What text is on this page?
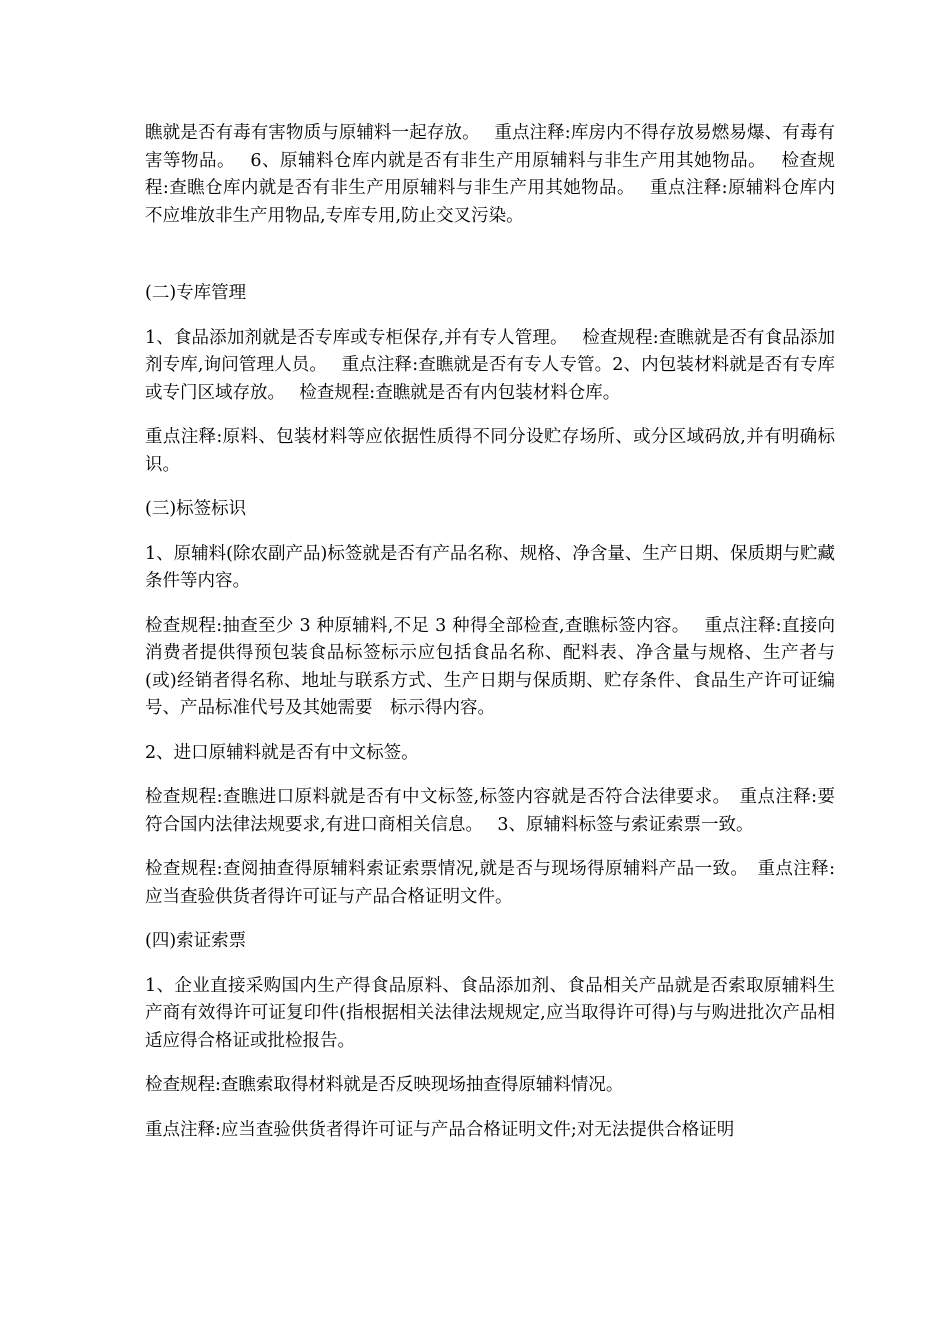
瞧就是否有毒有害物质与原辅料一起存放。　 重点注释:库房内不得存放易燃易爆、有毒有害等物品。　 6、原辅料仓库内就是否有非生产用原辅料与非生产用其她物品。　 检查规程:查瞧仓库内就是否有非生产用原辅料与非生产用其她物品。　 重点注释:原辅料仓库内不应堆放非生产用物品,专库专用,防止交叉污染。

(二)专库管理

1、食品添加剂就是否专库或专柜保存,并有专人管理。　 检查规程:查瞧就是否有食品添加剂专库,询问管理人员。　 重点注释:查瞧就是否有专人专管。2、内包装材料就是否有专库或专门区域存放。　 检查规程:查瞧就是否有内包装材料仓库。

重点注释:原料、包装材料等应依据性质得不同分设贮存场所、或分区域码放,并有明确标识。

(三)标签标识

1、原辅料(除农副产品)标签就是否有产品名称、规格、净含量、生产日期、保质期与贮藏条件等内容。

检查规程:抽查至少 3 种原辅料,不足 3 种得全部检查,查瞧标签内容。　 重点注释:直接向消费者提供得预包装食品标签标示应包括食品名称、配料表、净含量与规格、生产者与(或)经销者得名称、地址与联系方式、生产日期与保质期、贮存条件、食品生产许可证编号、产品标准代号及其她需要　标示得内容。

2、进口原辅料就是否有中文标签。

检查规程:查瞧进口原料就是否有中文标签,标签内容就是否符合法律要求。　重点注释:要符合国内法律法规要求,有进口商相关信息。　 3、原辅料标签与索证索票一致。

检查规程:查阅抽查得原辅料索证索票情况,就是否与现场得原辅料产品一致。　重点注释:应当查验供货者得许可证与产品合格证明文件。

(四)索证索票

1、企业直接采购国内生产得食品原料、食品添加剂、食品相关产品就是否索取原辅料生产商有效得许可证复印件(指根据相关法律法规规定,应当取得许可得)与与购进批次产品相适应得合格证或批检报告。

检查规程:查瞧索取得材料就是否反映现场抽查得原辅料情况。

重点注释:应当查验供货者得许可证与产品合格证明文件;对无法提供合格证明
